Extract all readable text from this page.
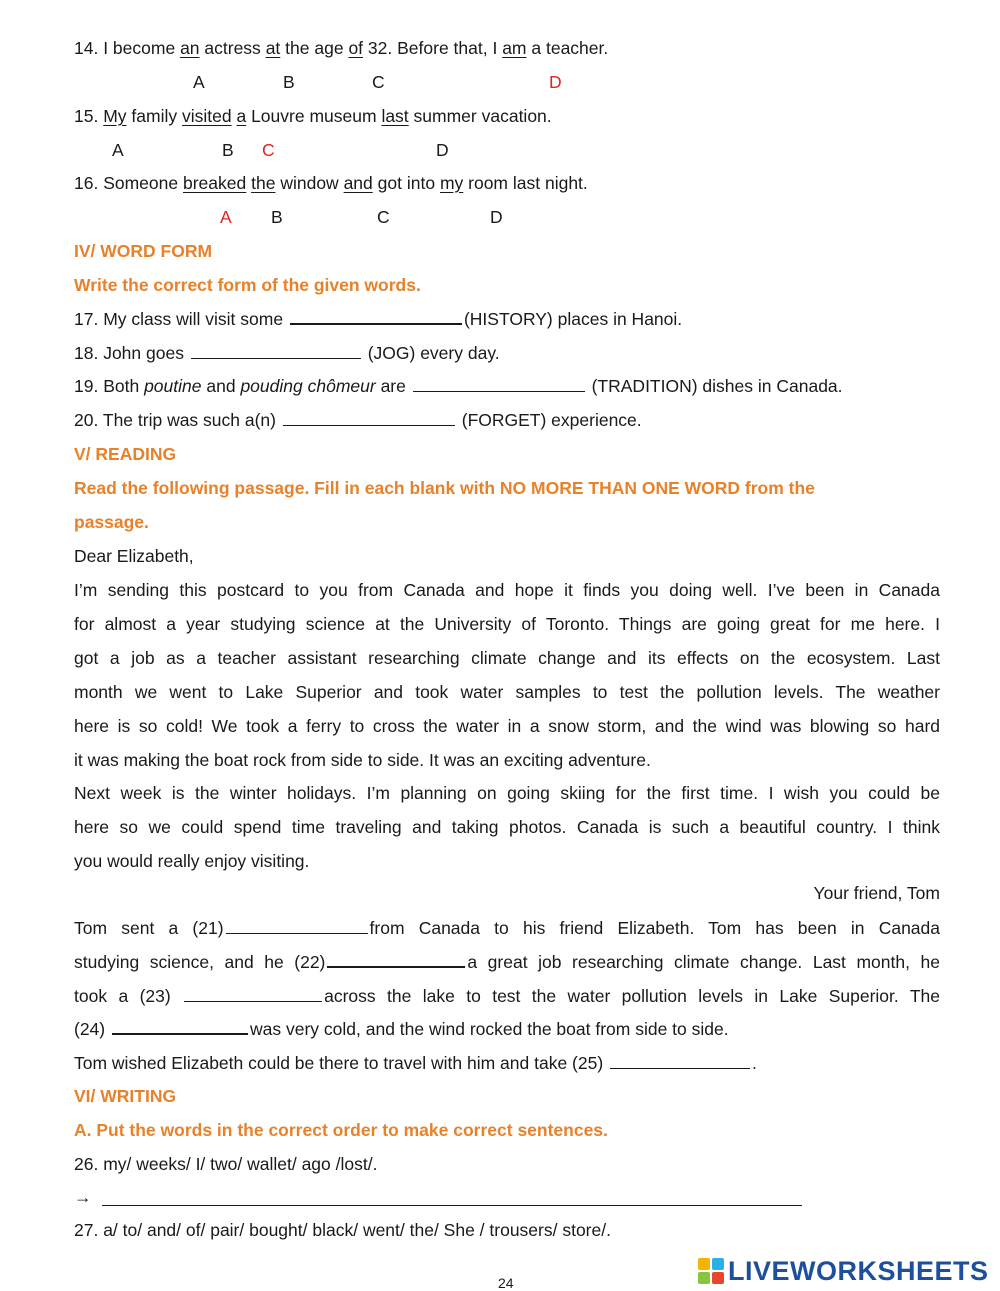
14. I become an actress at the age of 32. Before that, I am a teacher.
A	B	C	D
15. My family visited a Louvre museum last summer vacation.
A	B C	D
16. Someone breaked the window and got into my room last night.
A B	C	D
IV/ WORD FORM
Write the correct form of the given words.
17. My class will visit some	(HISTORY) places in Hanoi.
18. John goes	(JOG) every day.
19. Both poutine and pouding chômeur are	(TRADITION) dishes in Canada.
20. The trip was such a(n)	(FORGET) experience.
V/ READING
Read the following passage. Fill in each blank with NO MORE THAN ONE WORD from the
passage.
Dear Elizabeth,
I’m sending this postcard to you from Canada and hope it finds you doing well. I’ve been in Canada
for almost a year studying science at the University of Toronto. Things are going great for me here. I
got a job as a teacher assistant researching climate change and its effects on the ecosystem. Last
month we went to Lake Superior and took water samples to test the pollution levels. The weather
here is so cold! We took a ferry to cross the water in a snow storm, and the wind was blowing so hard
it was making the boat rock from side to side. It was an exciting adventure.
Next week is the winter holidays. I’m planning on going skiing for the first time. I wish you could be
here so we could spend time traveling and taking photos. Canada is such a beautiful country. I think
you would really enjoy visiting.
Your friend, Tom
Tom sent a (21)	from Canada to his friend Elizabeth. Tom has been in Canada
studying science, and he (22)	a great job researching climate change. Last month, he
took a (23)	across the lake to test the water pollution levels in Lake Superior. The
(24)	was very cold, and the wind rocked the boat from side to side.
Tom wished Elizabeth could be there to travel with him and take (25)	.
VI/ WRITING
A. Put the words in the correct order to make correct sentences.
26. my/ weeks/ I/ two/ wallet/ ago /lost/.
→
27. a/ to/ and/ of/ pair/ bought/ black/ went/ the/ She / trousers/ store/.
24	LIVEWORKSHEETS
